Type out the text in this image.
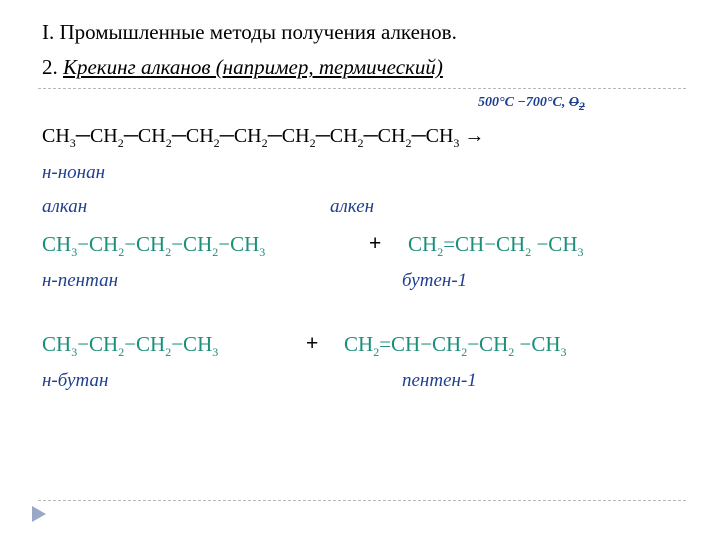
I. Промышленные методы получения алкенов.
2. Крекинг алканов (например, термический)
500°C −700°C, $O_2$
$CH_3─CH_2─CH_2─CH_2─CH_2─CH_2─CH_2─CH_2─CH_3$ →
н-нонан
алкан	алкен
$CH_3-CH_2-CH_2-CH_2-CH_3$	+ $CH_2=CH-CH_2 -CH_3$
н-пентан	бутен-1
$CH_3-CH_2-CH_2-CH_3$	+ $CH_2=CH-CH_2-CH_2 -CH_3$
н-бутан	пентен-1
